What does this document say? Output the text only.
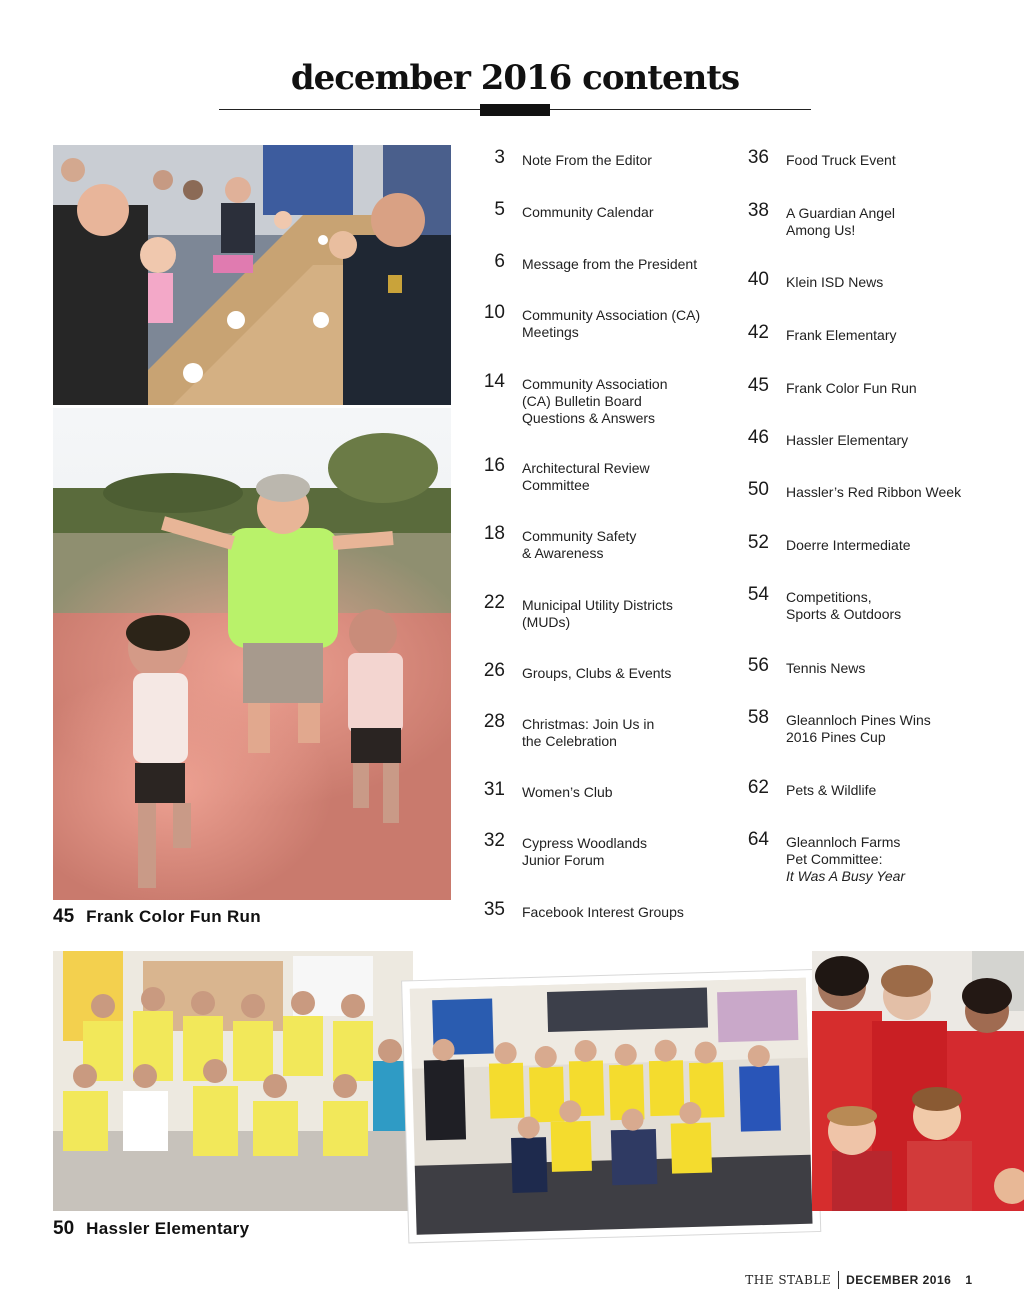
december 2016 contents
45 Frank Color Fun Run
50 Hassler Elementary
3 Note From the Editor
5 Community Calendar
6 Message from the President
10 Community Association (CA)
Meetings
14 Community Association
(CA) Bulletin Board
Questions & Answers
16 Architectural Review
Committee
18 Community Safety
& Awareness
22 Municipal Utility Districts
(MUDs)
26 Groups, Clubs & Events
28 Christmas: Join Us in
the Celebration
31 Women’s Club
32 Cypress Woodlands
Junior Forum
35 Facebook Interest Groups
36 Food Truck Event
38 A Guardian Angel
Among Us!
40 Klein ISD News
42 Frank Elementary
45 Frank Color Fun Run
46 Hassler Elementary
50 Hassler’s Red Ribbon Week
52 Doerre Intermediate
54 Competitions,
Sports & Outdoors
56 Tennis News
58 Gleannloch Pines Wins
2016 Pines Cup
62 Pets & Wildlife
64 Gleannloch Farms
Pet Committee:
It Was A Busy Year
THE STABLE DECEMBER 2016 1
